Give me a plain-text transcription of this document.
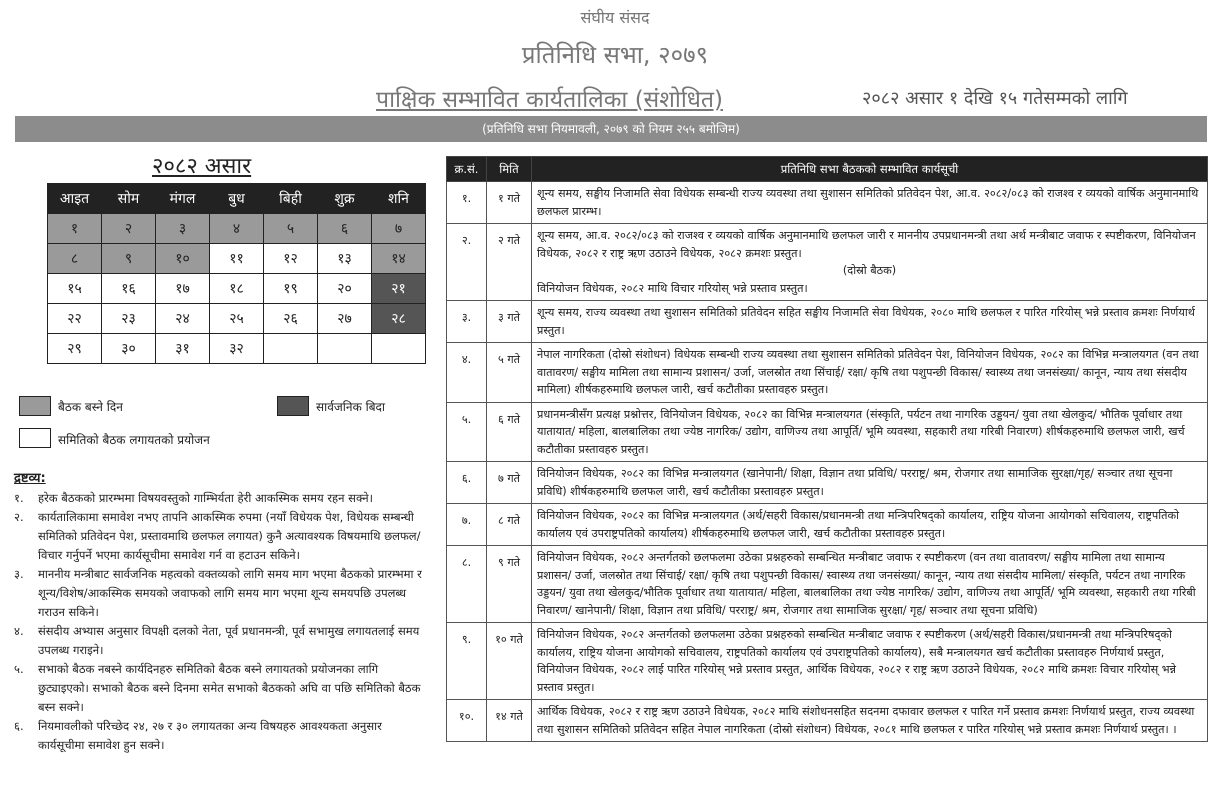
संघीय संसद
प्रतिनिधि सभा, २०७९
पाक्षिक सम्भावित कार्यतालिका (संशोधित)	२०८२ असार १ देखि १५ गतेसम्मको लागि
(प्रतिनिधि सभा नियमावली, २०७९ को नियम २५५ बमोजिम)
२०८२ असार
आइत	सोम	मंगल	बुध	बिही	शुक्र	शनि
१	२	३	४	५	६	७
८	९	१०	११	१२	१३	१४
१५	१६	१७	१८	१९	२०	२१
२२	२३	२४	२५	२६	२७	२८
२९	३०	३१	३२			
बैठक बस्ने दिन	सार्वजनिक बिदा
समितिको बैठक लगायतको प्रयोजन
द्रष्टव्य:
१.	हरेक बैठकको प्रारम्भमा विषयवस्तुको गाम्भिर्यता हेरी आकस्मिक समय रहन सक्ने।
२.	कार्यतालिकामा समावेश नभए तापनि आकस्मिक रुपमा (नयाँ विधेयक पेश, विधेयक सम्बन्धी समितिको प्रतिवेदन पेश, प्रस्तावमाथि छलफल लगायत) कुनै अत्यावश्यक विषयमाथि छलफल/विचार गर्नुपर्ने भएमा कार्यसूचीमा समावेश गर्न वा हटाउन सकिने।
३.	माननीय मन्त्रीबाट सार्वजनिक महत्वको वक्तव्यको लागि समय माग भएमा बैठकको प्रारम्भमा र शून्य/विशेष/आकस्मिक समयको जवाफको लागि समय माग भएमा शून्य समयपछि उपलब्ध गराउन सकिने।
४.	संसदीय अभ्यास अनुसार विपक्षी दलको नेता, पूर्व प्रधानमन्त्री, पूर्व सभामुख लगायतलाई समय उपलब्ध गराइने।
५.	सभाको बैठक नबस्ने कार्यदिनहरु समितिको बैठक बस्ने लगायतको प्रयोजनका लागि छुट्याइएको। सभाको बैठक बस्ने दिनमा समेत सभाको बैठकको अघि वा पछि समितिको बैठक बस्न सक्ने।
६.	नियमावलीको परिच्छेद २४, २७ र ३० लगायतका अन्य विषयहरु आवश्यकता अनुसार कार्यसूचीमा समावेश हुन सक्ने।
क्र.सं.	मिति	प्रतिनिधि सभा बैठकको सम्भावित कार्यसूची
१.	१ गते	शून्य समय, सङ्घीय निजामति सेवा विधेयक सम्बन्धी राज्य व्यवस्था तथा सुशासन समितिको प्रतिवेदन पेश, आ.व. २०८२/०८३ को राजश्व र व्ययको वार्षिक अनुमानमाथि छलफल प्रारम्भ।

२.	२ गते	शून्य समय, आ.व. २०८२/०८३ को राजश्व र व्ययको वार्षिक अनुमानमाथि छलफल जारी र माननीय उपप्रधानमन्त्री तथा अर्थ मन्त्रीबाट जवाफ र स्पष्टीकरण, विनियोजन विधेयक, २०८२ र राष्ट्र ऋण उठाउने विधेयक, २०८२ क्रमशः प्रस्तुत।
(दोस्रो बैठक)
विनियोजन विधेयक, २०८२ माथि विचार गरियोस् भन्ने प्रस्ताव प्रस्तुत।

३.	३ गते	शून्य समय, राज्य व्यवस्था तथा सुशासन समितिको प्रतिवेदन सहित सङ्घीय निजामति सेवा विधेयक, २०८० माथि छलफल र पारित गरियोस् भन्ने प्रस्ताव क्रमशः निर्णयार्थ प्रस्तुत।

४.	५ गते	नेपाल नागरिकता (दोस्रो संशोधन) विधेयक सम्बन्धी राज्य व्यवस्था तथा सुशासन समितिको प्रतिवेदन पेश, विनियोजन विधेयक, २०८२ का विभिन्न मन्त्रालयगत (वन तथा वातावरण/ सङ्घीय मामिला तथा सामान्य प्रशासन/ उर्जा, जलस्रोत तथा सिंचाई/ रक्षा/ कृषि तथा पशुपन्छी विकास/ स्वास्थ्य तथा जनसंख्या/ कानून, न्याय तथा संसदीय मामिला) शीर्षकहरुमाथि छलफल जारी, खर्च कटौतीका प्रस्तावहरु प्रस्तुत।

५.	६ गते	प्रधानमन्त्रीसँग प्रत्यक्ष प्रश्नोत्तर, विनियोजन विधेयक, २०८२ का विभिन्न मन्त्रालयगत (संस्कृति, पर्यटन तथा नागरिक उड्डयन/ युवा तथा खेलकुद/ भौतिक पूर्वाधार तथा यातायात/ महिला, बालबालिका तथा ज्येष्ठ नागरिक/ उद्योग, वाणिज्य तथा आपूर्ति/ भूमि व्यवस्था, सहकारी तथा गरिबी निवारण) शीर्षकहरुमाथि छलफल जारी, खर्च कटौतीका प्रस्तावहरु प्रस्तुत।

६.	७ गते	विनियोजन विधेयक, २०८२ का विभिन्न मन्त्रालयगत (खानेपानी/ शिक्षा, विज्ञान तथा प्रविधि/ परराष्ट्र/ श्रम, रोजगार तथा सामाजिक सुरक्षा/गृह/ सञ्चार तथा सूचना प्रविधि) शीर्षकहरुमाथि छलफल जारी, खर्च कटौतीका प्रस्तावहरु प्रस्तुत।

७.	८ गते	विनियोजन विधेयक, २०८२ का विभिन्न मन्त्रालयगत (अर्थ/सहरी विकास/प्रधानमन्त्री तथा मन्त्रिपरिषद्को कार्यालय, राष्ट्रिय योजना आयोगको सचिवालय, राष्ट्रपतिको कार्यालय एवं उपराष्ट्रपतिको कार्यालय) शीर्षकहरुमाथि छलफल जारी, खर्च कटौतीका प्रस्तावहरु प्रस्तुत।

८.	९ गते	विनियोजन विधेयक, २०८२ अन्तर्गतको छलफलमा उठेका प्रश्नहरुको सम्बन्धित मन्त्रीबाट जवाफ र स्पष्टीकरण (वन तथा वातावरण/ सङ्घीय मामिला तथा सामान्य प्रशासन/ उर्जा, जलस्रोत तथा सिंचाई/ रक्षा/ कृषि तथा पशुपन्छी विकास/ स्वास्थ्य तथा जनसंख्या/ कानून, न्याय तथा संसदीय मामिला/ संस्कृति, पर्यटन तथा नागरिक उड्डयन/ युवा तथा खेलकुद/भौतिक पूर्वाधार तथा यातायात/ महिला, बालबालिका तथा ज्येष्ठ नागरिक/ उद्योग, वाणिज्य तथा आपूर्ति/ भूमि व्यवस्था, सहकारी तथा गरिबी निवारण/ खानेपानी/ शिक्षा, विज्ञान तथा प्रविधि/ परराष्ट्र/ श्रम, रोजगार तथा सामाजिक सुरक्षा/ गृह/ सञ्चार तथा सूचना प्रविधि)

९.	१० गते	विनियोजन विधेयक, २०८२ अन्तर्गतको छलफलमा उठेका प्रश्नहरुको सम्बन्धित मन्त्रीबाट जवाफ र स्पष्टीकरण (अर्थ/सहरी विकास/प्रधानमन्त्री तथा मन्त्रिपरिषद्को कार्यालय, राष्ट्रिय योजना आयोगको सचिवालय, राष्ट्रपतिको कार्यालय एवं उपराष्ट्रपतिको कार्यालय), सबै मन्त्रालयगत खर्च कटौतीका प्रस्तावहरु निर्णयार्थ प्रस्तुत, विनियोजन विधेयक, २०८२ लाई पारित गरियोस् भन्ने प्रस्ताव प्रस्तुत, आर्थिक विधेयक, २०८२ र राष्ट्र ऋण उठाउने विधेयक, २०८२ माथि क्रमशः विचार गरियोस् भन्ने प्रस्ताव प्रस्तुत।

१०.	१४ गते	आर्थिक विधेयक, २०८२ र राष्ट्र ऋण उठाउने विधेयक, २०८२ माथि संशोधनसहित सदनमा दफावार छलफल र पारित गर्ने प्रस्ताव क्रमशः निर्णयार्थ प्रस्तुत, राज्य व्यवस्था तथा सुशासन समितिको प्रतिवेदन सहित नेपाल नागरिकता (दोस्रो संशोधन) विधेयक, २०८१ माथि छलफल र पारित गरियोस् भन्ने प्रस्ताव क्रमशः निर्णयार्थ प्रस्तुत। ।
